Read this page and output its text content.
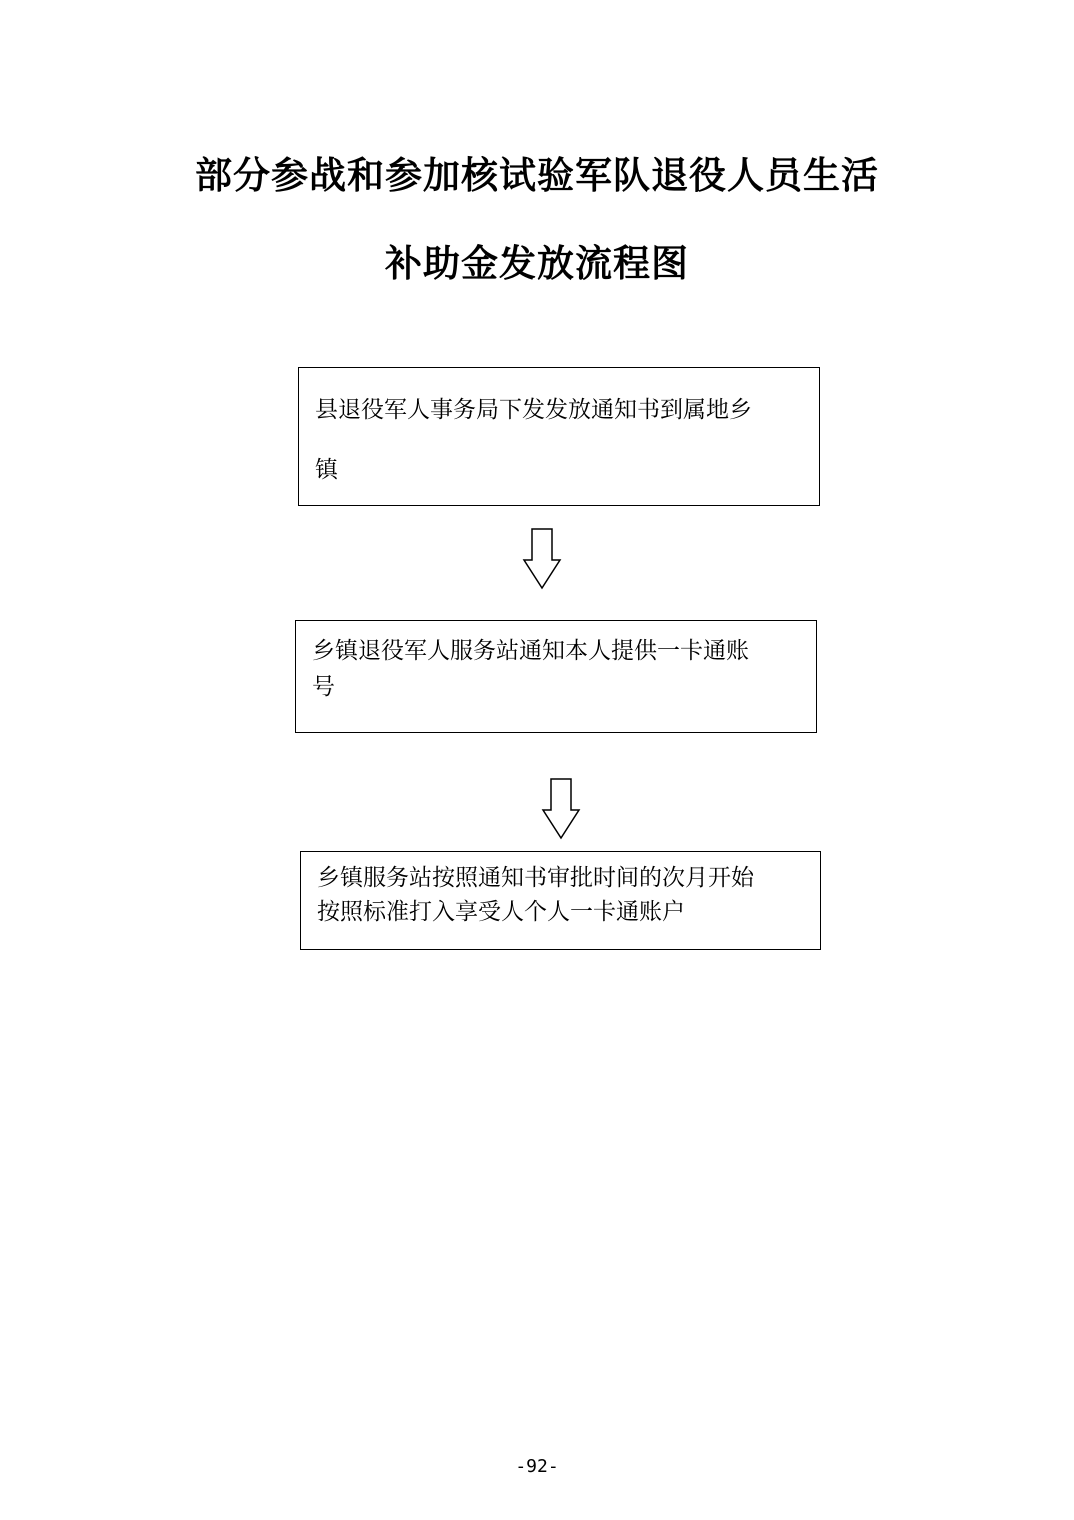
部分参战和参加核试验军队退役人员生活
补助金发放流程图
县退役军人事务局下发发放通知书到属地乡
镇
乡镇退役军人服务站通知本人提供一卡通账
号
乡镇服务站按照通知书审批时间的次月开始
按照标准打入享受人个人一卡通账户
-92-
